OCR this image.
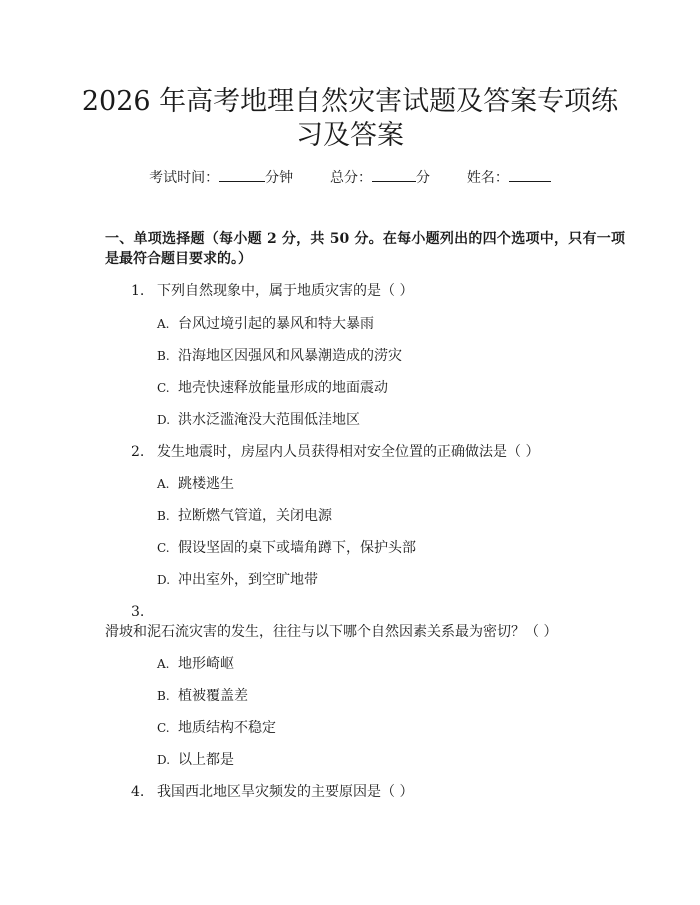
2026 年高考地理自然灾害试题及答案专项练
习及答案
考试时间：	分钟	总分：	分	姓名：

一、单项选择题（每小题 2 分，共 50 分。在每小题列出的四个选项中，只有一项是最符合题目要求的。）

1. 下列自然现象中，属于地质灾害的是（ ）
A. 台风过境引起的暴风和特大暴雨
B. 沿海地区因强风和风暴潮造成的涝灾
C. 地壳快速释放能量形成的地面震动
D. 洪水泛滥淹没大范围低洼地区
2. 发生地震时，房屋内人员获得相对安全位置的正确做法是（ ）
A. 跳楼逃生
B. 拉断燃气管道，关闭电源
C. 假设坚固的桌下或墙角蹲下，保护头部
D. 冲出室外，到空旷地带
3.滑坡和泥石流灾害的发生，往往与以下哪个自然因素关系最为密切？（ ）
A. 地形崎岖
B. 植被覆盖差
C. 地质结构不稳定
D. 以上都是
4. 我国西北地区旱灾频发的主要原因是（ ）
